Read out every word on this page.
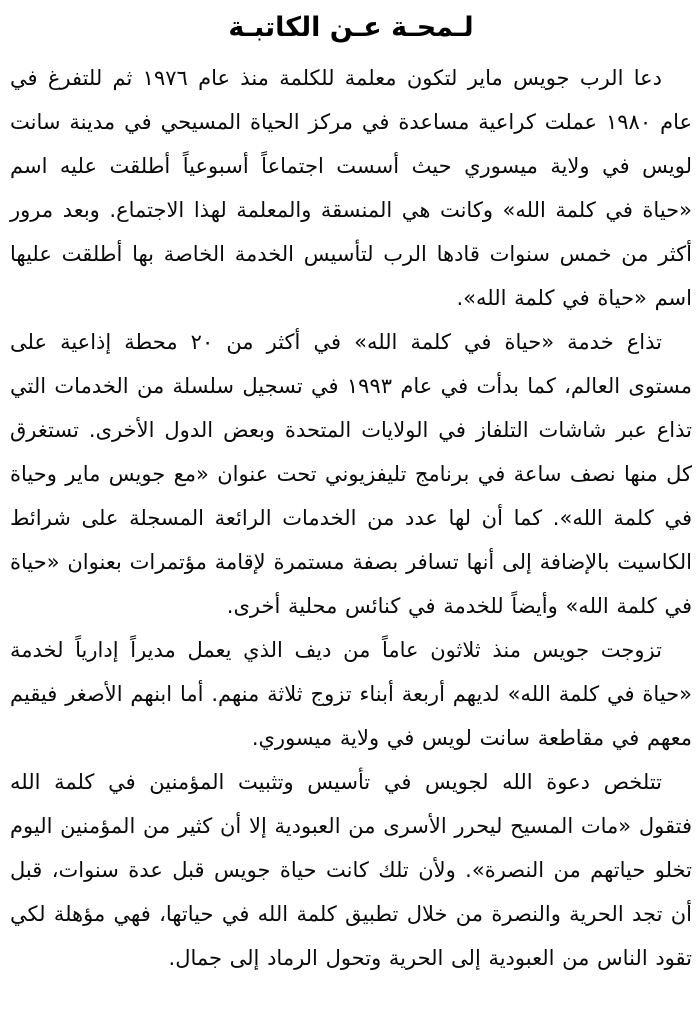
لـمحـة عـن الكاتبـة

دعا الرب جويس ماير لتكون معلمة للكلمة منذ عام ١٩٧٦ ثم للتفرغ في عام ١٩٨٠ عملت كراعية مساعدة في مركز الحياة المسيحي في مدينة سانت لويس في ولاية ميسوري حيث أسست اجتماعاً أسبوعياً أطلقت عليه اسم «حياة في كلمة الله» وكانت هي المنسقة والمعلمة لهذا الاجتماع. وبعد مرور أكثر من خمس سنوات قادها الرب لتأسيس الخدمة الخاصة بها أطلقت عليها اسم «حياة في كلمة الله».

تذاع خدمة «حياة في كلمة الله» في أكثر من ٢٠ محطة إذاعية على مستوى العالم، كما بدأت في عام ١٩٩٣ في تسجيل سلسلة من الخدمات التي تذاع عبر شاشات التلفاز في الولايات المتحدة وبعض الدول الأخرى. تستغرق كل منها نصف ساعة في برنامج تليفزيوني تحت عنوان «مع جويس ماير وحياة في كلمة الله». كما أن لها عدد من الخدمات الرائعة المسجلة على شرائط الكاسيت بالإضافة إلى أنها تسافر بصفة مستمرة لإقامة مؤتمرات بعنوان «حياة في كلمة الله» وأيضاً للخدمة في كنائس محلية أخرى.

تزوجت جويس منذ ثلاثون عاماً من ديف الذي يعمل مديراً إدارياً لخدمة «حياة في كلمة الله» لديهم أربعة أبناء تزوج ثلاثة منهم. أما ابنهم الأصغر فيقيم معهم في مقاطعة سانت لويس في ولاية ميسوري.

تتلخص دعوة الله لجويس في تأسيس وتثبيت المؤمنين في كلمة الله فتقول «مات المسيح ليحرر الأسرى من العبودية إلا أن كثير من المؤمنين اليوم تخلو حياتهم من النصرة». ولأن تلك كانت حياة جويس قبل عدة سنوات، قبل أن تجد الحرية والنصرة من خلال تطبيق كلمة الله في حياتها، فهي مؤهلة لكي تقود الناس من العبودية إلى الحرية وتحول الرماد إلى جمال.
